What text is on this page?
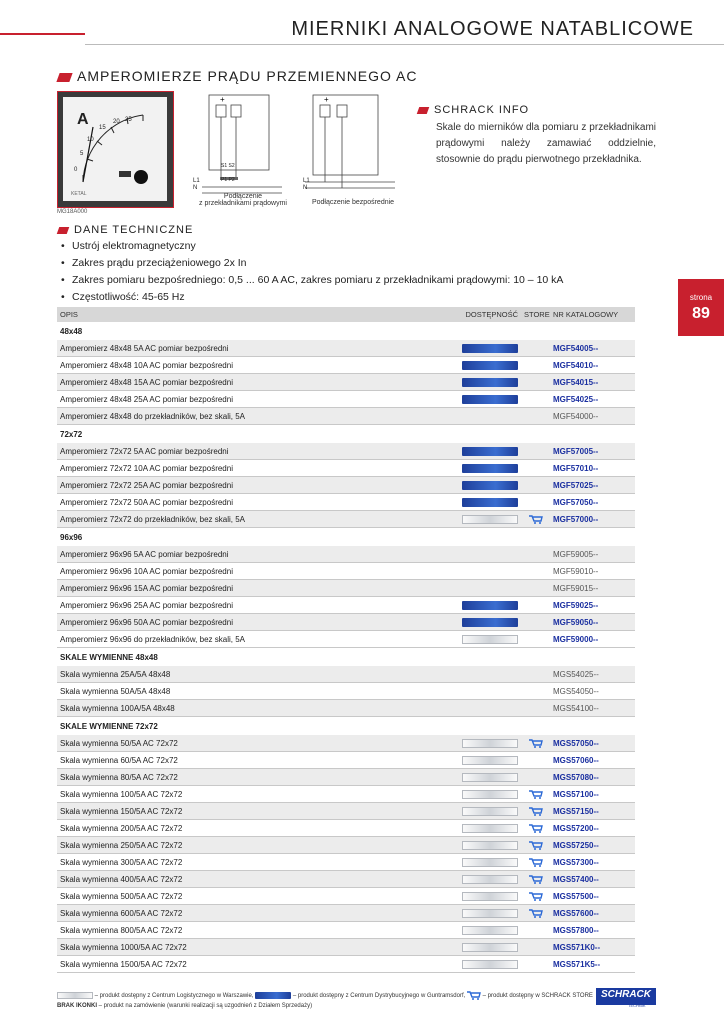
MIERNIKI ANALOGOWE NATABLICOWE
AMPEROMIERZE PRĄDU PRZEMIENNEGO AC
A
0
5
10
15
20 25
KETAL
MG18A000
+
L1
N
S1 S2
P1 P2
Podłączenie
z przekładnikami prądowymi
+
L1
N
Podłączenie bezpośrednie
SCHRACK INFO
Skale do mierników dla pomiaru z przekładnikami prądowymi należy zamawiać oddzielnie, stosownie do prądu pierwotnego przekładnika.
DANE TECHNICZNE
• Ustrój elektromagnetyczny
• Zakres prądu przeciążeniowego 2x In
• Zakres pomiaru bezpośredniego: 0,5 ... 60 A AC, zakres pomiaru z przekładnikami prądowymi: 10 – 10 kA
• Częstotliwość: 45-65 Hz	strona
89
OPIS	DOSTĘPNOŚĆ	STORE	NR KATALOGOWY
48x48			
Amperomierz 48x48 5A AC pomiar bezpośredni			MGF54005--
Amperomierz 48x48 10A AC pomiar bezpośredni			MGF54010--
Amperomierz 48x48 15A AC pomiar bezpośredni			MGF54015--
Amperomierz 48x48 25A AC pomiar bezpośredni			MGF54025--
Amperomierz 48x48 do przekładników, bez skali, 5A			MGF54000--
72x72			
Amperomierz 72x72 5A AC pomiar bezpośredni			MGF57005--
Amperomierz 72x72 10A AC pomiar bezpośredni			MGF57010--
Amperomierz 72x72 25A AC pomiar bezpośredni			MGF57025--
Amperomierz 72x72 50A AC pomiar bezpośredni			MGF57050--
Amperomierz 72x72 do przekładników, bez skali, 5A			MGF57000--
96x96			
Amperomierz 96x96 5A AC pomiar bezpośredni			MGF59005--
Amperomierz 96x96 10A AC pomiar bezpośredni			MGF59010--
Amperomierz 96x96 15A AC pomiar bezpośredni			MGF59015--
Amperomierz 96x96 25A AC pomiar bezpośredni			MGF59025--
Amperomierz 96x96 50A AC pomiar bezpośredni			MGF59050--
Amperomierz 96x96 do przekładników, bez skali, 5A			MGF59000--
SKALE WYMIENNE 48x48			
Skala wymienna 25A/5A 48x48			MGS54025--
Skala wymienna 50A/5A 48x48			MGS54050--
Skala wymienna 100A/5A 48x48			MGS54100--
SKALE WYMIENNE 72x72			
Skala wymienna 50/5A AC 72x72			MGS57050--
Skala wymienna 60/5A AC 72x72			MGS57060--
Skala wymienna 80/5A AC 72x72			MGS57080--
Skala wymienna 100/5A AC 72x72			MGS57100--
Skala wymienna 150/5A AC 72x72			MGS57150--
Skala wymienna 200/5A AC 72x72			MGS57200--
Skala wymienna 250/5A AC 72x72			MGS57250--
Skala wymienna 300/5A AC 72x72			MGS57300--
Skala wymienna 400/5A AC 72x72			MGS57400--
Skala wymienna 500/5A AC 72x72			MGS57500--
Skala wymienna 600/5A AC 72x72			MGS57600--
Skala wymienna 800/5A AC 72x72			MGS57800--
Skala wymienna 1000/5A AC 72x72			MGS571K0--
Skala wymienna 1500/5A AC 72x72			MGS571K5--
– produkt dostępny z Centrum Logistycznego w Warszawie,	– produkt dostępny z Centrum Dystrybucyjnego w Guntramsdorf,	– produkt dostępny w SCHRACK STORE
BRAK IKONKI – produkt na zamówienie (warunki realizacji są uzgodnień z Działem Sprzedaży)
SCHRACK
TECHNIK
